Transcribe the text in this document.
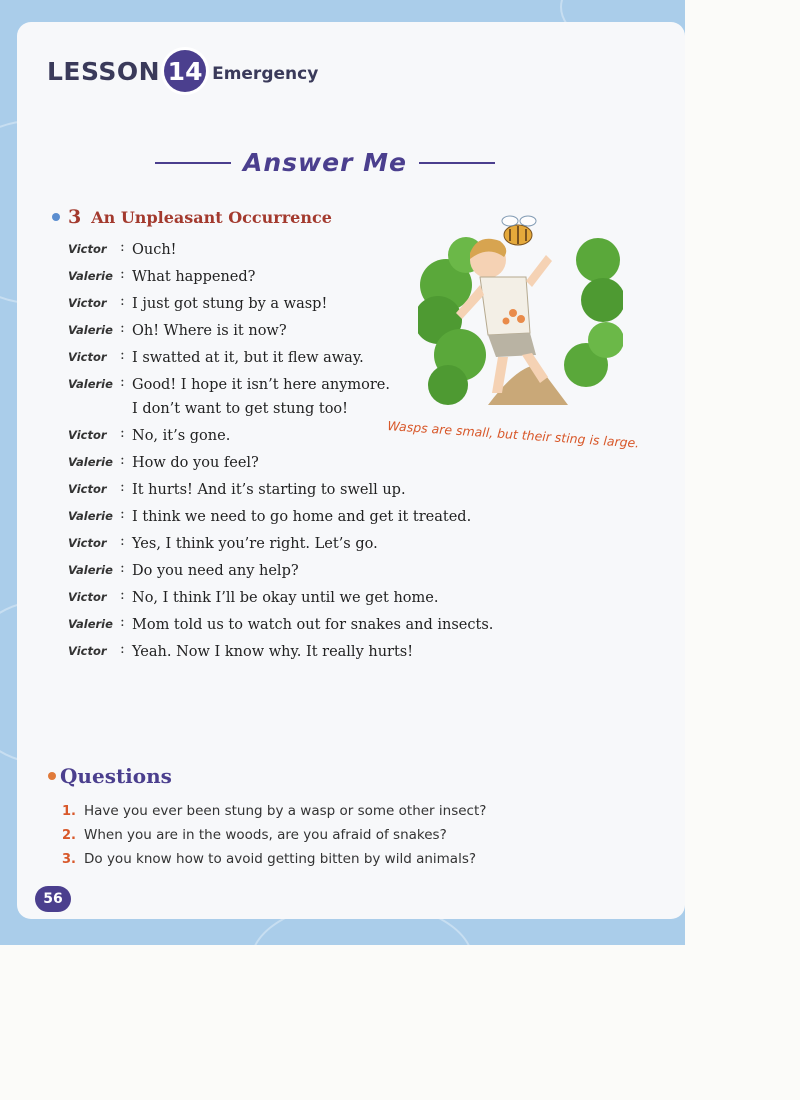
LESSON 14 Emergency
Answer Me
3 An Unpleasant Occurrence
Victor : Ouch!
Valerie : What happened?
Victor : I just got stung by a wasp!
Valerie : Oh! Where is it now?
Victor : I swatted at it, but it flew away.
Valerie : Good! I hope it isn’t here anymore.
I don’t want to get stung too!
Victor : No, it’s gone.
Valerie : How do you feel?
Victor : It hurts! And it’s starting to swell up.
Valerie : I think we need to go home and get it treated.
Victor : Yes, I think you’re right. Let’s go.
Valerie : Do you need any help?
Victor : No, I think I’ll be okay until we get home.
Valerie : Mom told us to watch out for snakes and insects.
Victor : Yeah. Now I know why. It really hurts!
Wasps are small, but their sting is large.
Questions
1. Have you ever been stung by a wasp or some other insect?
2. When you are in the woods, are you afraid of snakes?
3. Do you know how to avoid getting bitten by wild animals?
56
